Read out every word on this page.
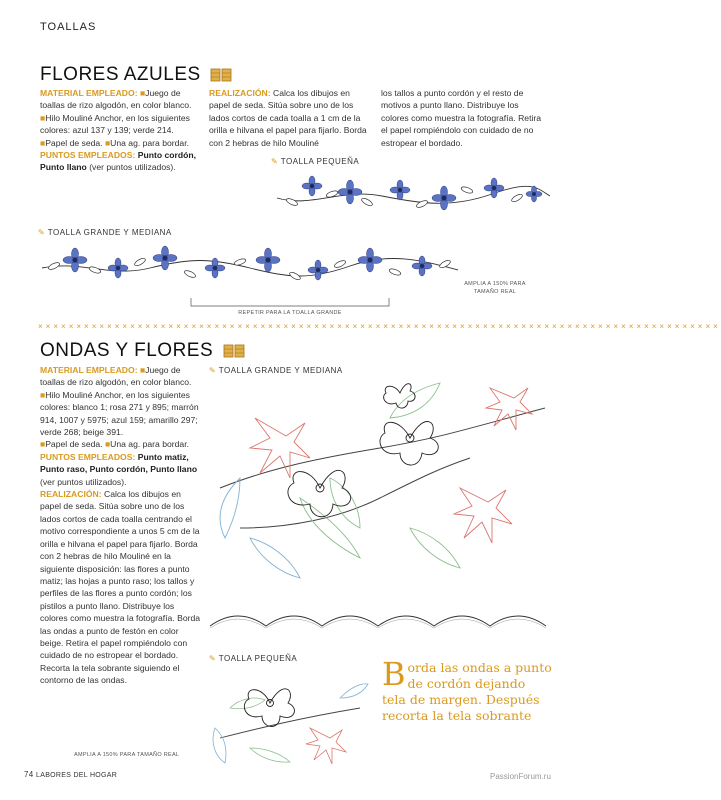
TOALLAS
FLORES AZULES
MATERIAL EMPLEADO: ■Juego de toallas de rizo algodón, en color blanco.
■Hilo Mouliné Anchor, en los siguientes colores: azul 137 y 139; verde 214.
■Papel de seda. ■Una ag. para bordar.
PUNTOS EMPLEADOS: Punto cordón, Punto llano (ver puntos utilizados).
REALIZACIÓN: Calca los dibujos en papel de seda. Sitúa sobre uno de los lados cortos de cada toalla a 1 cm de la orilla e hilvana el papel para fijarlo. Borda con 2 hebras de hilo Mouliné
los tallos a punto cordón y el resto de motivos a punto llano. Distribuye los colores como muestra la fotografía. Retira el papel rompiéndolo con cuidado de no estropear el bordado.
✎ TOALLA PEQUEÑA
✎ TOALLA GRANDE Y MEDIANA
AMPLIA A 150% PARA TAMAÑO REAL
REPETIR PARA LA TOALLA GRANDE
×××××××××××××××××××××××××××××××××××××××××××××××××××××××××××××××××××××××××××××××××××××××××
ONDAS Y FLORES
MATERIAL EMPLEADO: ■Juego de toallas de rizo algodón, en color blanco.
■Hilo Mouliné Anchor, en los siguientes colores: blanco 1; rosa 271 y 895; marrón 914, 1007 y 5975; azul 159; amarillo 297; verde 268; beige 391.
■Papel de seda. ■Una ag. para bordar.
PUNTOS EMPLEADOS: Punto matiz, Punto raso, Punto cordón, Punto llano (ver puntos utilizados).
REALIZACIÓN: Calca los dibujos en papel de seda. Sitúa sobre uno de los lados cortos de cada toalla centrando el motivo correspondiente a unos 5 cm de la orilla e hilvana el papel para fijarlo. Borda con 2 hebras de hilo Mouliné en la siguiente disposición: las flores a punto matiz; las hojas a punto raso; los tallos y perfiles de las flores a punto cordón; los pistilos a punto llano. Distribuye los colores como muestra la fotografía. Borda las ondas a punto de festón en color beige. Retira el papel rompiéndolo con cuidado de no estropear el bordado. Recorta la tela sobrante siguiendo el contorno de las ondas.
✎ TOALLA GRANDE Y MEDIANA
✎ TOALLA PEQUEÑA	B orda las ondas a punto de cordón dejando tela de margen. Después recorta la tela sobrante
AMPLIA A 150% PARA TAMAÑO REAL
74 LABORES DEL HOGAR	PassionForum.ru
